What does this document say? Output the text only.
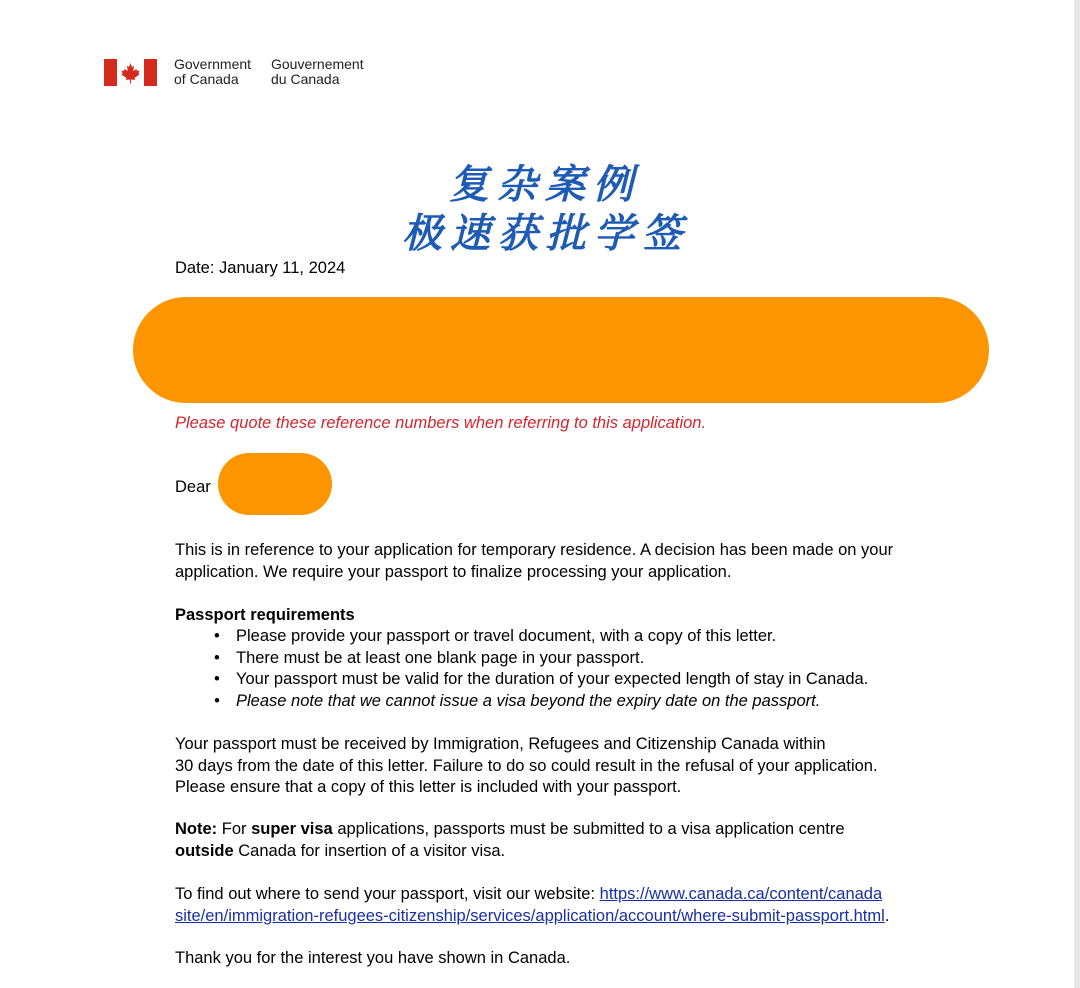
Government
of Canada
Gouvernement
du Canada
复杂案例
极速获批学签
Date: January 11, 2024
Please quote these reference numbers when referring to this application.
Dear
This is in reference to your application for temporary residence. A decision has been made on your application. We require your passport to finalize processing your application.
Passport requirements
• Please provide your passport or travel document, with a copy of this letter.
• There must be at least one blank page in your passport.
• Your passport must be valid for the duration of your expected length of stay in Canada.
• Please note that we cannot issue a visa beyond the expiry date on the passport.
Your passport must be received by Immigration, Refugees and Citizenship Canada within
30 days from the date of this letter. Failure to do so could result in the refusal of your application.
Please ensure that a copy of this letter is included with your passport.
Note: For super visa applications, passports must be submitted to a visa application centre
outside Canada for insertion of a visitor visa.
To find out where to send your passport, visit our website: https://www.canada.ca/content/canada
site/en/immigration-refugees-citizenship/services/application/account/where-submit-passport.html.
Thank you for the interest you have shown in Canada.
